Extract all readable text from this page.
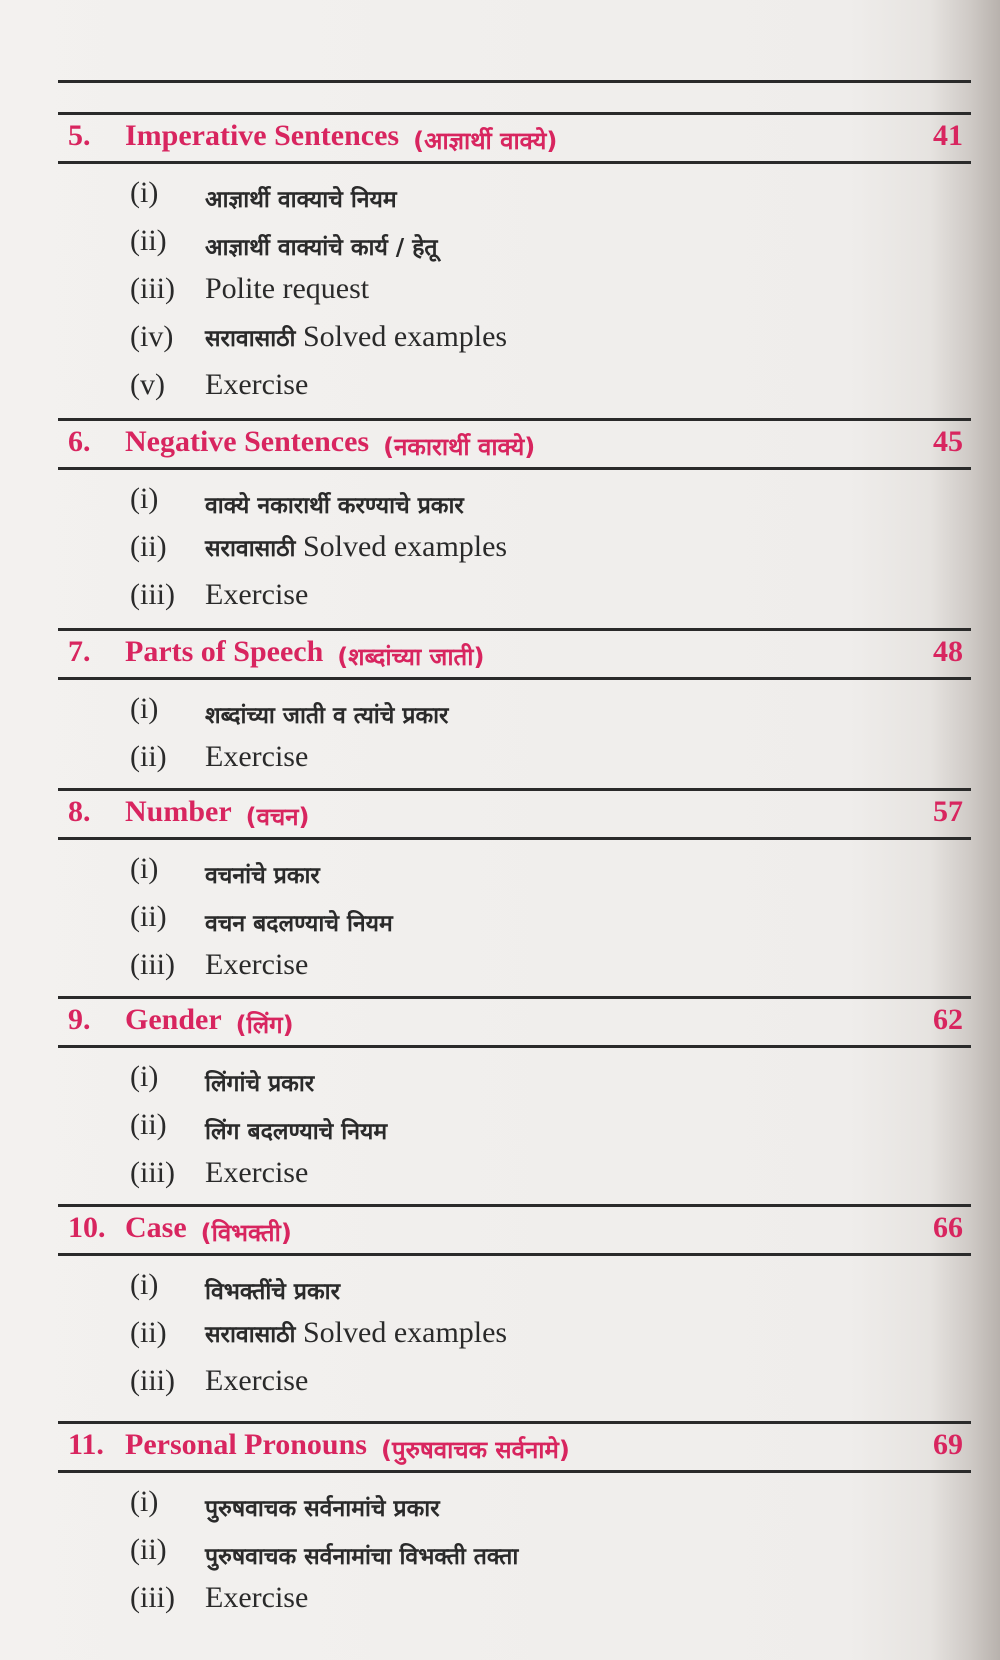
5. Imperative Sentences (आज्ञार्थी वाक्ये)	41
(i) आज्ञार्थी वाक्याचे नियम
(ii) आज्ञार्थी वाक्यांचे कार्य / हेतू
(iii) Polite request
(iv) सरावासाठी Solved examples
(v) Exercise
6. Negative Sentences (नकारार्थी वाक्ये)	45
(i) वाक्ये नकारार्थी करण्याचे प्रकार
(ii) सरावासाठी Solved examples
(iii) Exercise
7. Parts of Speech (शब्दांच्या जाती)	48
(i) शब्दांच्या जाती व त्यांचे प्रकार
(ii) Exercise
8. Number (वचन)	57
(i) वचनांचे प्रकार
(ii) वचन बदलण्याचे नियम
(iii) Exercise
9. Gender (लिंग)	62
(i) लिंगांचे प्रकार
(ii) लिंग बदलण्याचे नियम
(iii) Exercise
10. Case (विभक्ती)	66
(i) विभक्तींचे प्रकार
(ii) सरावासाठी Solved examples
(iii) Exercise
11. Personal Pronouns (पुरुषवाचक सर्वनामे)	69
(i) पुरुषवाचक सर्वनामांचे प्रकार
(ii) पुरुषवाचक सर्वनामांचा विभक्ती तक्ता
(iii) Exercise
